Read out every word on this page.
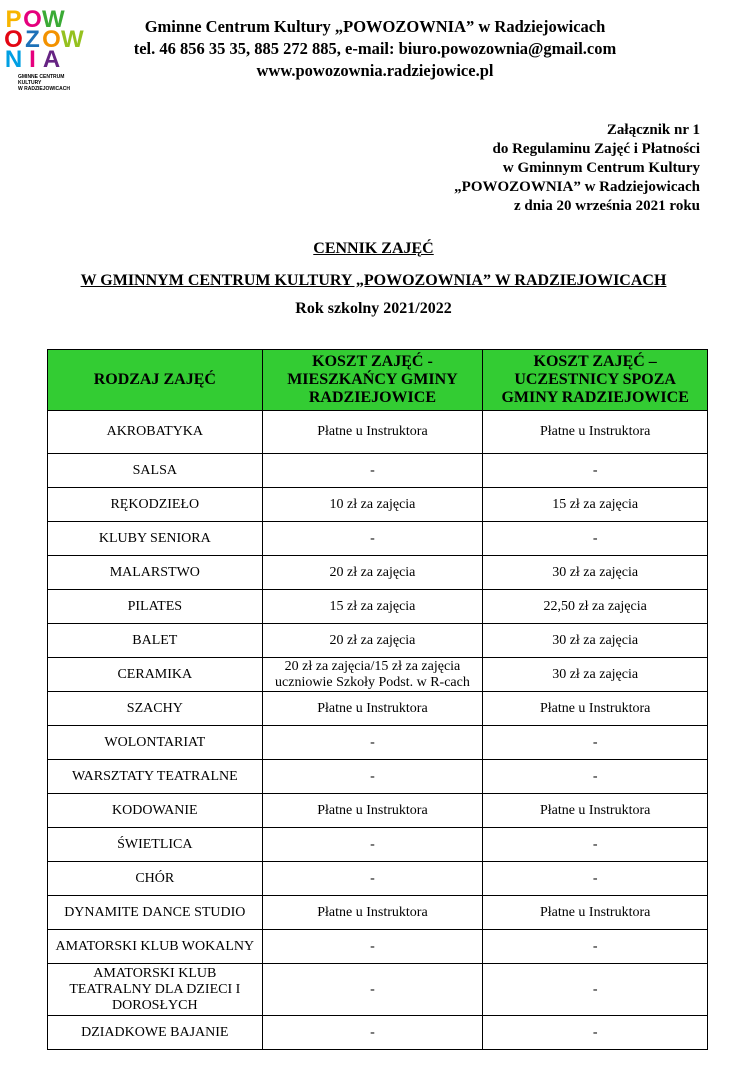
P O W
O Z O W
N I A
GMINNE CENTRUM KULTURY
W RADZIEJOWICACH
Gminne Centrum Kultury „POWOZOWNIA” w Radziejowicach
tel. 46 856 35 35, 885 272 885, e-mail: biuro.powozownia@gmail.com
www.powozownia.radziejowice.pl
Załącznik nr 1
do Regulaminu Zajęć i Płatności
w Gminnym Centrum Kultury
„POWOZOWNIA” w Radziejowicach
z dnia 20 września 2021 roku
CENNIK ZAJĘĆ
W GMINNYM CENTRUM KULTURY „POWOZOWNIA” W RADZIEJOWICACH
Rok szkolny 2021/2022
RODZAJ ZAJĘĆ	KOSZT ZAJĘĆ - MIESZKAŃCY GMINY RADZIEJOWICE	KOSZT ZAJĘĆ – UCZESTNICY SPOZA GMINY RADZIEJOWICE
AKROBATYKA	Płatne u Instruktora	Płatne u Instruktora
SALSA	-	-
RĘKODZIEŁO	10 zł za zajęcia	15 zł za zajęcia
KLUBY SENIORA	-	-
MALARSTWO	20 zł za zajęcia	30 zł za zajęcia
PILATES	15 zł za zajęcia	22,50 zł za zajęcia
BALET	20 zł za zajęcia	30 zł za zajęcia
CERAMIKA	20 zł za zajęcia/15 zł za zajęcia uczniowie Szkoły Podst. w R-cach	30 zł za zajęcia
SZACHY	Płatne u Instruktora	Płatne u Instruktora
WOLONTARIAT	-	-
WARSZTATY TEATRALNE	-	-
KODOWANIE	Płatne u Instruktora	Płatne u Instruktora
ŚWIETLICA	-	-
CHÓR	-	-
DYNAMITE DANCE STUDIO	Płatne u Instruktora	Płatne u Instruktora
AMATORSKI KLUB WOKALNY	-	-
AMATORSKI KLUB TEATRALNY DLA DZIECI I DOROSŁYCH	-	-
DZIADKOWE BAJANIE	-	-
